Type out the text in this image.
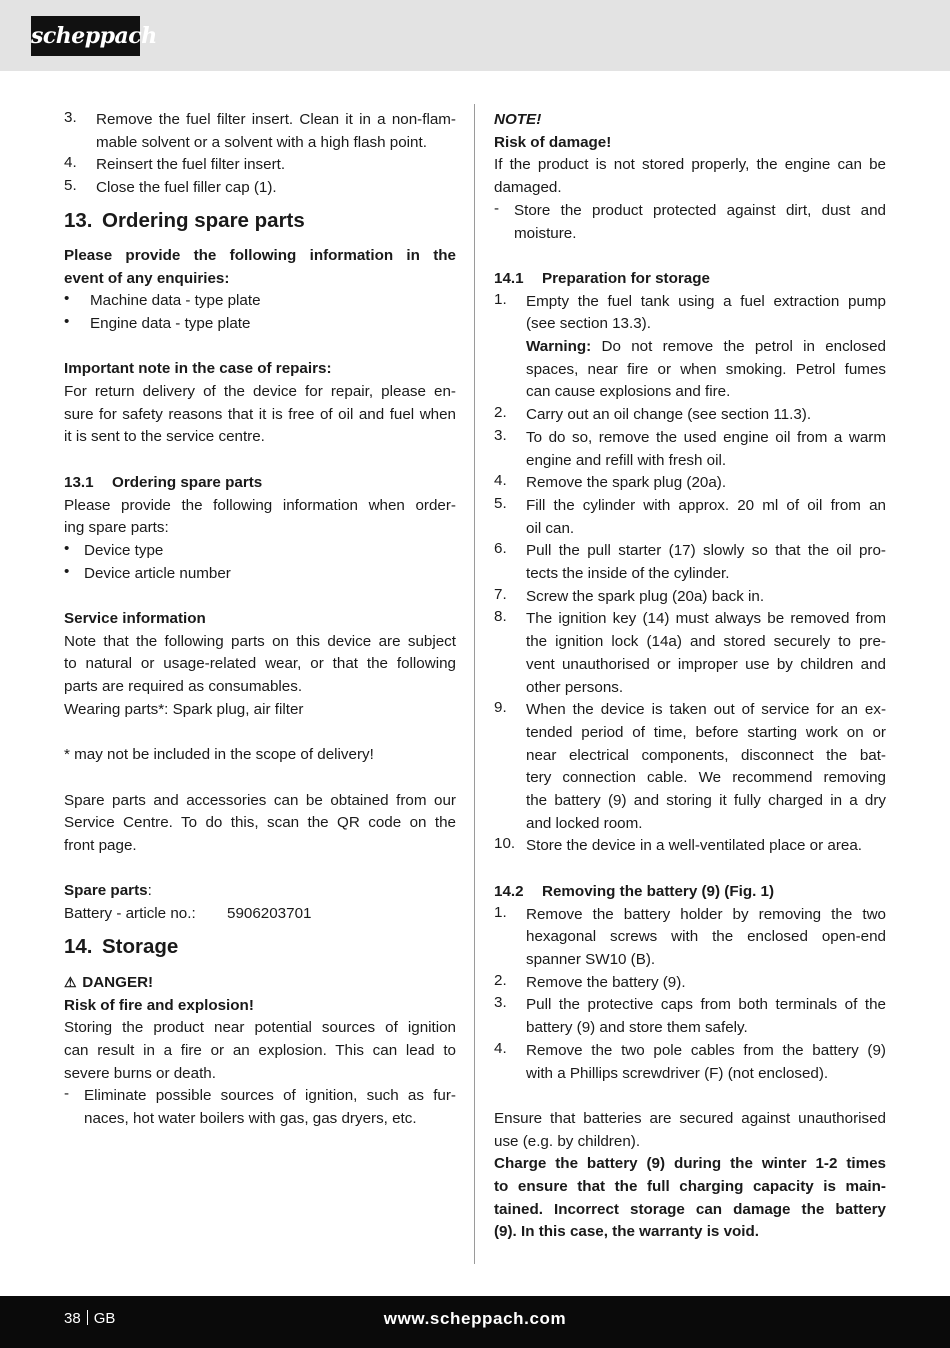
scheppach
3. Remove the fuel filter insert. Clean it in a non-flam-
mable solvent or a solvent with a high flash point.
4. Reinsert the fuel filter insert.
5. Close the fuel filler cap (1).
13. Ordering spare parts
Please provide the following information in the
event of any enquiries:
• Machine data - type plate
• Engine data - type plate
Important note in the case of repairs:
For return delivery of the device for repair, please en-
sure for safety reasons that it is free of oil and fuel when
it is sent to the service centre.
13.1 Ordering spare parts
Please provide the following information when order-
ing spare parts:
• Device type
• Device article number
Service information
Note that the following parts on this device are subject
to natural or usage-related wear, or that the following
parts are required as consumables.
Wearing parts*: Spark plug, air filter
* may not be included in the scope of delivery!
Spare parts and accessories can be obtained from our
Service Centre. To do this, scan the QR code on the
front page.
Spare parts:
Battery - article no.: 5906203701
14. Storage
⚠ DANGER!
Risk of fire and explosion!
Storing the product near potential sources of ignition
can result in a fire or an explosion. This can lead to
severe burns or death.
- Eliminate possible sources of ignition, such as fur-
naces, hot water boilers with gas, gas dryers, etc.
NOTE!
Risk of damage!
If the product is not stored properly, the engine can be
damaged.
- Store the product protected against dirt, dust and
moisture.
14.1 Preparation for storage
1. Empty the fuel tank using a fuel extraction pump
(see section 13.3).
Warning: Do not remove the petrol in enclosed
spaces, near fire or when smoking. Petrol fumes
can cause explosions and fire.
2. Carry out an oil change (see section 11.3).
3. To do so, remove the used engine oil from a warm
engine and refill with fresh oil.
4. Remove the spark plug (20a).
5. Fill the cylinder with approx. 20 ml of oil from an
oil can.
6. Pull the pull starter (17) slowly so that the oil pro-
tects the inside of the cylinder.
7. Screw the spark plug (20a) back in.
8. The ignition key (14) must always be removed from
the ignition lock (14a) and stored securely to pre-
vent unauthorised or improper use by children and
other persons.
9. When the device is taken out of service for an ex-
tended period of time, before starting work on or
near electrical components, disconnect the bat-
tery connection cable. We recommend removing
the battery (9) and storing it fully charged in a dry
and locked room.
10. Store the device in a well-ventilated place or area.
14.2 Removing the battery (9) (Fig. 1)
1. Remove the battery holder by removing the two
hexagonal screws with the enclosed open-end
spanner SW10 (B).
2. Remove the battery (9).
3. Pull the protective caps from both terminals of the
battery (9) and store them safely.
4. Remove the two pole cables from the battery (9)
with a Phillips screwdriver (F) (not enclosed).
Ensure that batteries are secured against unauthorised
use (e.g. by children).
Charge the battery (9) during the winter 1-2 times
to ensure that the full charging capacity is main-
tained. Incorrect storage can damage the battery
(9). In this case, the warranty is void.
38 GB	www.scheppach.com
